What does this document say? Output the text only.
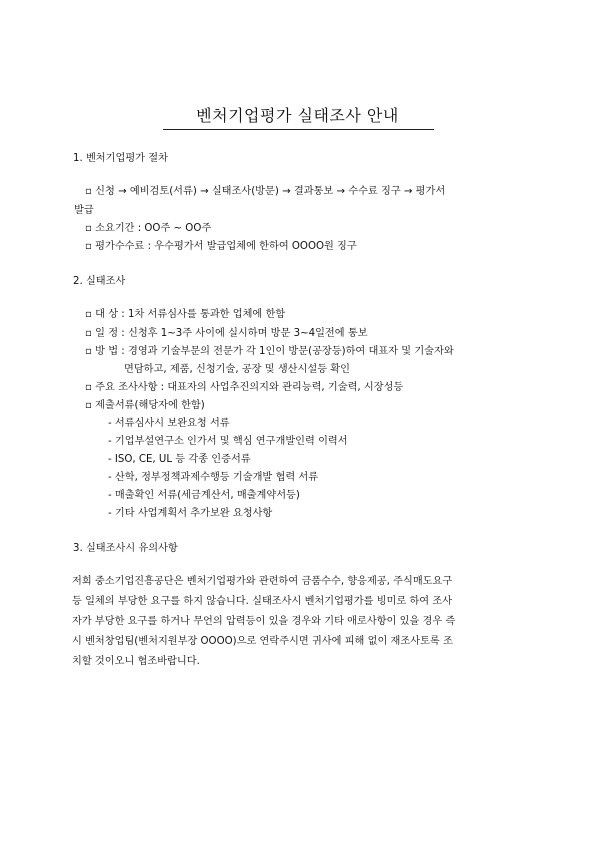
벤처기업평가 실태조사 안내
1. 벤처기업평가 절차
▫ 신청 → 예비검토(서류) → 실태조사(방문) → 결과통보 → 수수료 징구 → 평가서
발급
▫ 소요기간 : OO주 ~ OO주
▫ 평가수수료 : 우수평가서 발급업체에 한하여 OOOO원 징구
2. 실태조사
▫ 대 상 : 1차 서류심사를 통과한 업체에 한함
▫ 일 정 : 신청후 1~3주 사이에 실시하며 방문 3~4일전에 통보
▫ 방 법 : 경영과 기술부문의 전문가 각 1인이 방문(공장등)하여 대표자 및 기술자와
면담하고, 제품, 신청기술, 공장 및 생산시설등 확인
▫ 주요 조사사항 : 대표자의 사업추진의지와 관리능력, 기술력, 시장성등
▫ 제출서류(해당자에 한함)
- 서류심사시 보완요청 서류
- 기업부설연구소 인가서 및 핵심 연구개발인력 이력서
- ISO, CE, UL 등 각종 인증서류
- 산학, 정부정책과제수행등 기술개발 협력 서류
- 매출확인 서류(세금계산서, 매출계약서등)
- 기타 사업계획서 추가보완 요청사항
3. 실태조사시 유의사항
저희 중소기업진흥공단은 벤처기업평가와 관련하여 금품수수, 향응제공, 주식매도요구
등 일체의 부당한 요구를 하지 않습니다. 실태조사시 벤처기업평가를 빙미로 하여 조사
자가 부당한 요구를 하거나 무언의 압력등이 있을 경우와 기타 애로사항이 있을 경우 즉
시 벤처창업팀(벤처지원부장 OOOO)으로 연락주시면 귀사에 피해 없이 재조사토록 조
치할 것이오니 협조바랍니다.
